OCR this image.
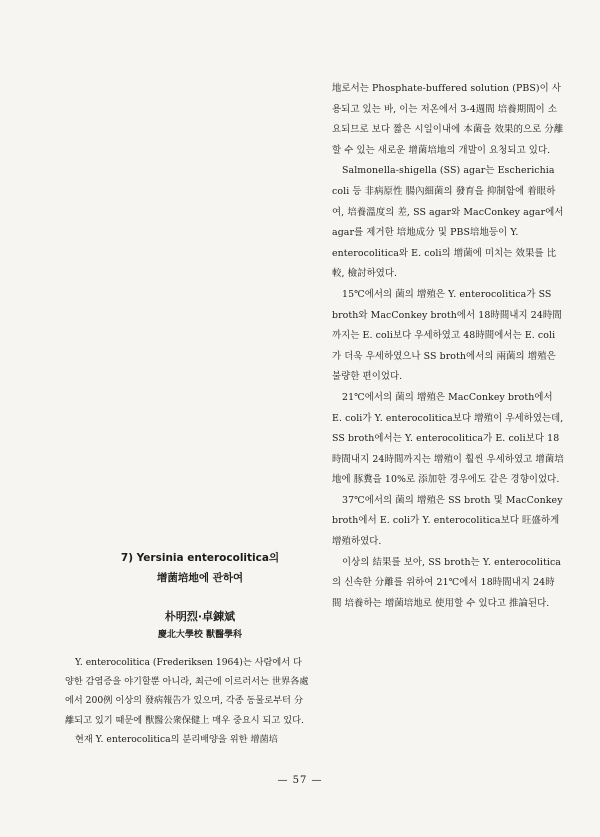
地로서는 Phosphate-buffered solution (PBS)이 사용되고 있는 바, 이는 저온에서 3-4週間 培養期間이 소요되므로 보다 짧은 시일이내에 本菌을 效果的으로 分離할 수 있는 새로운 增菌培地의 개발이 요청되고 있다.

Salmonella-shigella (SS) agar는 Escherichia coli 등 非病原性 腸內細菌의 發育을 抑制함에 着眼하여, 培養溫度의 差, SS agar와 MacConkey agar에서 agar를 제거한 培地成分 및 PBS培地등이 Y. enterocolitica와 E. coli의 增菌에 미치는 效果를 比較, 檢討하였다.

15℃에서의 菌의 增殖은 Y. enterocolitica가 SS broth와 MacConkey broth에서 18時間내지 24時間까지는 E. coli보다 우세하였고 48時間에서는 E. coli가 더욱 우세하였으나 SS broth에서의 兩菌의 增殖은 불량한 편이었다.

21℃에서의 菌의 增殖은 MacConkey broth에서 E. coli가 Y. enterocolitica보다 增殖이 우세하였는데, SS broth에서는 Y. enterocolitica가 E. coli보다 18時間내지 24時間까지는 增殖이 훨씬 우세하였고 增菌培地에 豚糞을 10%로 添加한 경우에도 같은 경향이었다.

37℃에서의 菌의 增殖은 SS broth 및 MacConkey broth에서 E. coli가 Y. enterocolitica보다 旺盛하게 增殖하였다.

이상의 結果를 보아, SS broth는 Y. enterocolitica의 신속한 分離를 위하여 21℃에서 18時間내지 24時間 培養하는 增菌培地로 使用할 수 있다고 推論된다.

7) Yersinia enterocolitica의
增菌培地에 관하여
朴明烈·卓錬斌
慶北大學校 獸醫學科

Y. enterocolitica (Frederiksen 1964)는 사람에서 다양한 감염증을 야기할뿐 아니라, 최근에 이르러서는 世界各處에서 200例 이상의 發病報告가 있으며, 각종 동물로부터 分離되고 있기 때문에 獸醫公衆保健上 매우 중요시 되고 있다.

현재 Y. enterocolitica의 분리배양을 위한 增菌培

— 57 —
